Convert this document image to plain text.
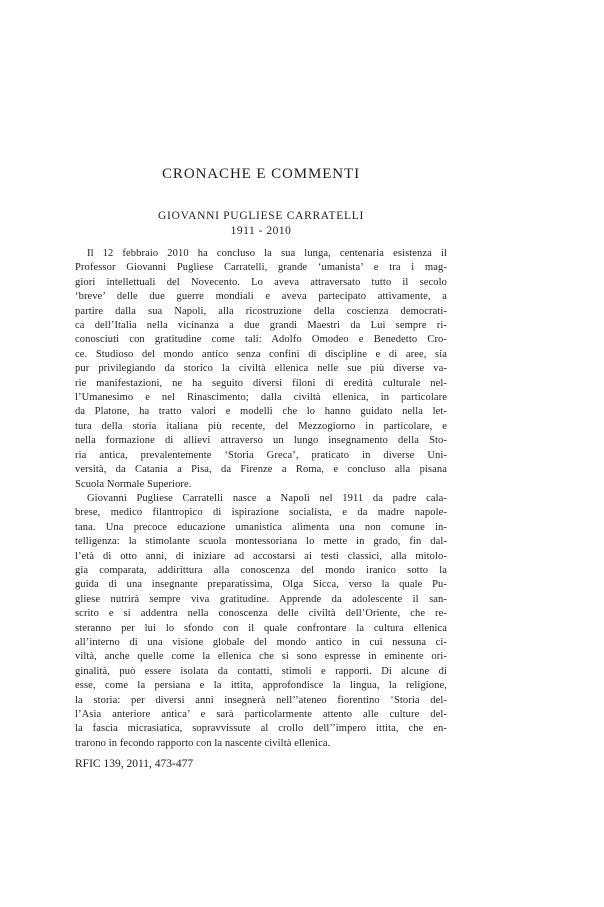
CRONACHE E COMMENTI
GIOVANNI PUGLIESE CARRATELLI
1911 - 2010
Il 12 febbraio 2010 ha concluso la sua lunga, centenaria esistenza il
Professor Giovanni Pugliese Carratelli, grande ‘umanista’ e tra i mag-
giori intellettuali del Novecento. Lo aveva attraversato tutto il secolo
‘breve’ delle due guerre mondiali e aveva partecipato attivamente, a
partire dalla sua Napoli, alla ricostruzione della coscienza democrati-
ca dell’Italia nella vicinanza a due grandi Maestri da Lui sempre ri-
conosciuti con gratitudine come tali: Adolfo Omodeo e Benedetto Cro-
ce. Studioso del mondo antico senza confini di discipline e di aree, sia
pur privilegiando da storico la civiltà ellenica nelle sue più diverse va-
rie manifestazioni, ne ha seguito diversi filoni di eredità culturale nel-
l’Umanesimo e nel Rinascimento; dalla civiltà ellenica, in particolare
da Platone, ha tratto valori e modelli che lo hanno guidato nella let-
tura della storia italiana più recente, del Mezzogiorno in particolare, e
nella formazione di allievi attraverso un lungo insegnamento della Sto-
ria antica, prevalentemente ‘Storia Greca’, praticato in diverse Uni-
versità, da Catania a Pisa, da Firenze a Roma, e concluso alla pisana
Scuola Normale Superiore.
Giovanni Pugliese Carratelli nasce a Napoli nel 1911 da padre cala-
brese, medico filantropico di ispirazione socialista, e da madre napole-
tana. Una precoce educazione umanistica alimenta una non comune in-
telligenza: la stimolante scuola montessoriana lo mette in grado, fin dal-
l’età di otto anni, di iniziare ad accostarsi ai testi classici, alla mitolo-
gia comparata, addirittura alla conoscenza del mondo iranico sotto la
guida di una insegnante preparatissima, Olga Sicca, verso la quale Pu-
gliese nutrirà sempre viva gratitudine. Apprende da adolescente il san-
scrito e si addentra nella conoscenza delle civiltà dell’Oriente, che re-
steranno per lui lo sfondo con il quale confrontare la cultura ellenica
all’interno di una visione globale del mondo antico in cui nessuna ci-
viltà, anche quelle come la ellenica che si sono espresse in eminente ori-
ginalità, può essere isolata da contatti, stimoli e rapporti. Di alcune di
esse, come la persiana e la ittita, approfondisce la lingua, la religione,
la storia: per diversi anni insegnerà nell’’ateneo fiorentino ‘Storia del-
l’Asia anteriore antica’ e sarà particolarmente attento alle culture del-
la fascia micrasiatica, sopravvissute al crollo dell’’impero ittita, che en-
trarono in fecondo rapporto con la nascente civiltà ellenica.
RFIC 139, 2011, 473-477
